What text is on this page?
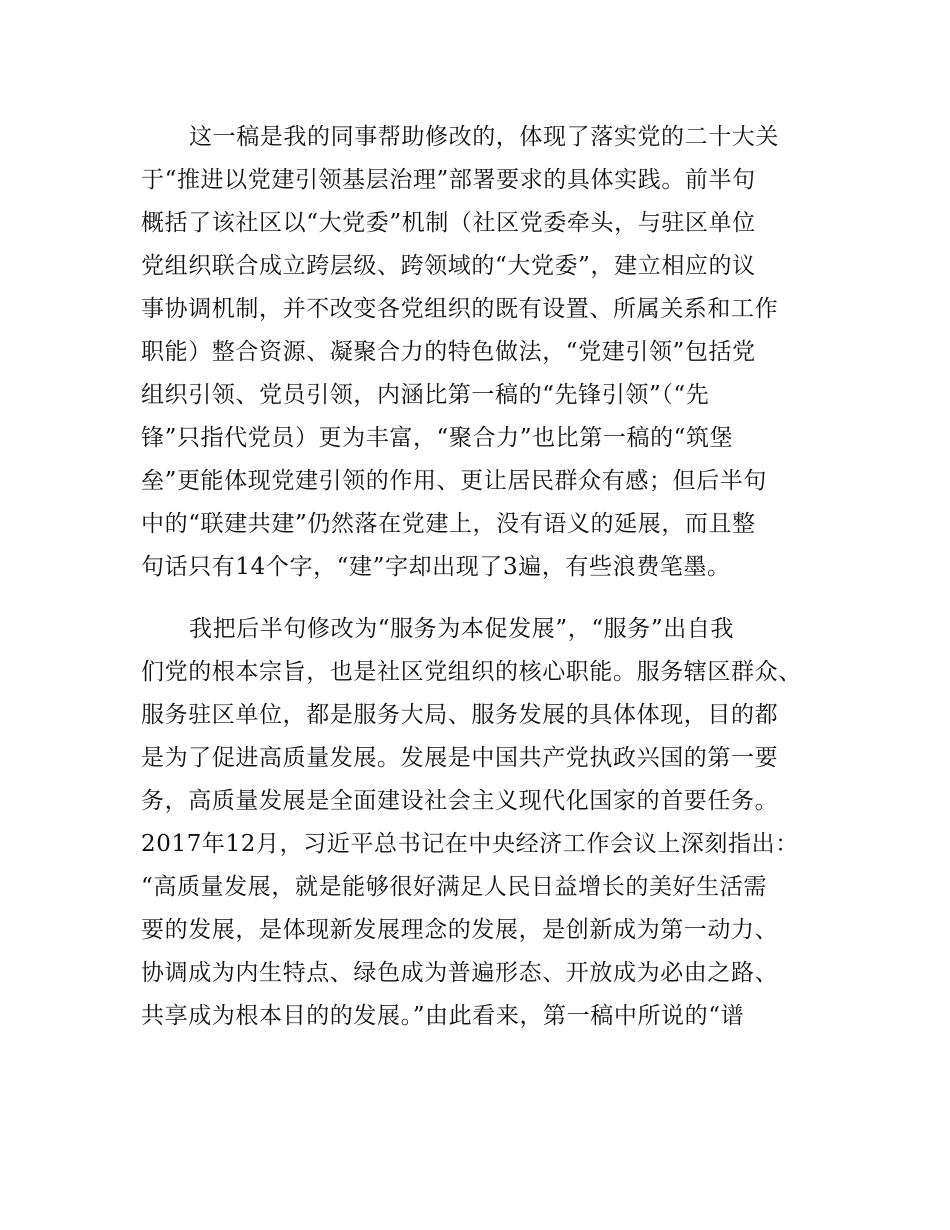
这一稿是我的同事帮助修改的，体现了落实党的二十大关
于“推进以党建引领基层治理”部署要求的具体实践。前半句
概括了该社区以“大党委”机制（社区党委牵头，与驻区单位
党组织联合成立跨层级、跨领域的“大党委”，建立相应的议
事协调机制，并不改变各党组织的既有设置、所属关系和工作
职能）整合资源、凝聚合力的特色做法，“党建引领”包括党
组织引领、党员引领，内涵比第一稿的“先锋引领”（“先
锋”只指代党员）更为丰富，“聚合力”也比第一稿的“筑堡
垒”更能体现党建引领的作用、更让居民群众有感；但后半句
中的“联建共建”仍然落在党建上，没有语义的延展，而且整
句话只有14个字，“建”字却出现了3遍，有些浪费笔墨。
我把后半句修改为“服务为本促发展”，“服务”出自我
们党的根本宗旨，也是社区党组织的核心职能。服务辖区群众、
服务驻区单位，都是服务大局、服务发展的具体体现，目的都
是为了促进高质量发展。发展是中国共产党执政兴国的第一要
务，高质量发展是全面建设社会主义现代化国家的首要任务。
2017年12月，习近平总书记在中央经济工作会议上深刻指出：
“高质量发展，就是能够很好满足人民日益增长的美好生活需
要的发展，是体现新发展理念的发展，是创新成为第一动力、
协调成为内生特点、绿色成为普遍形态、开放成为必由之路、
共享成为根本目的的发展。”由此看来，第一稿中所说的“谱
